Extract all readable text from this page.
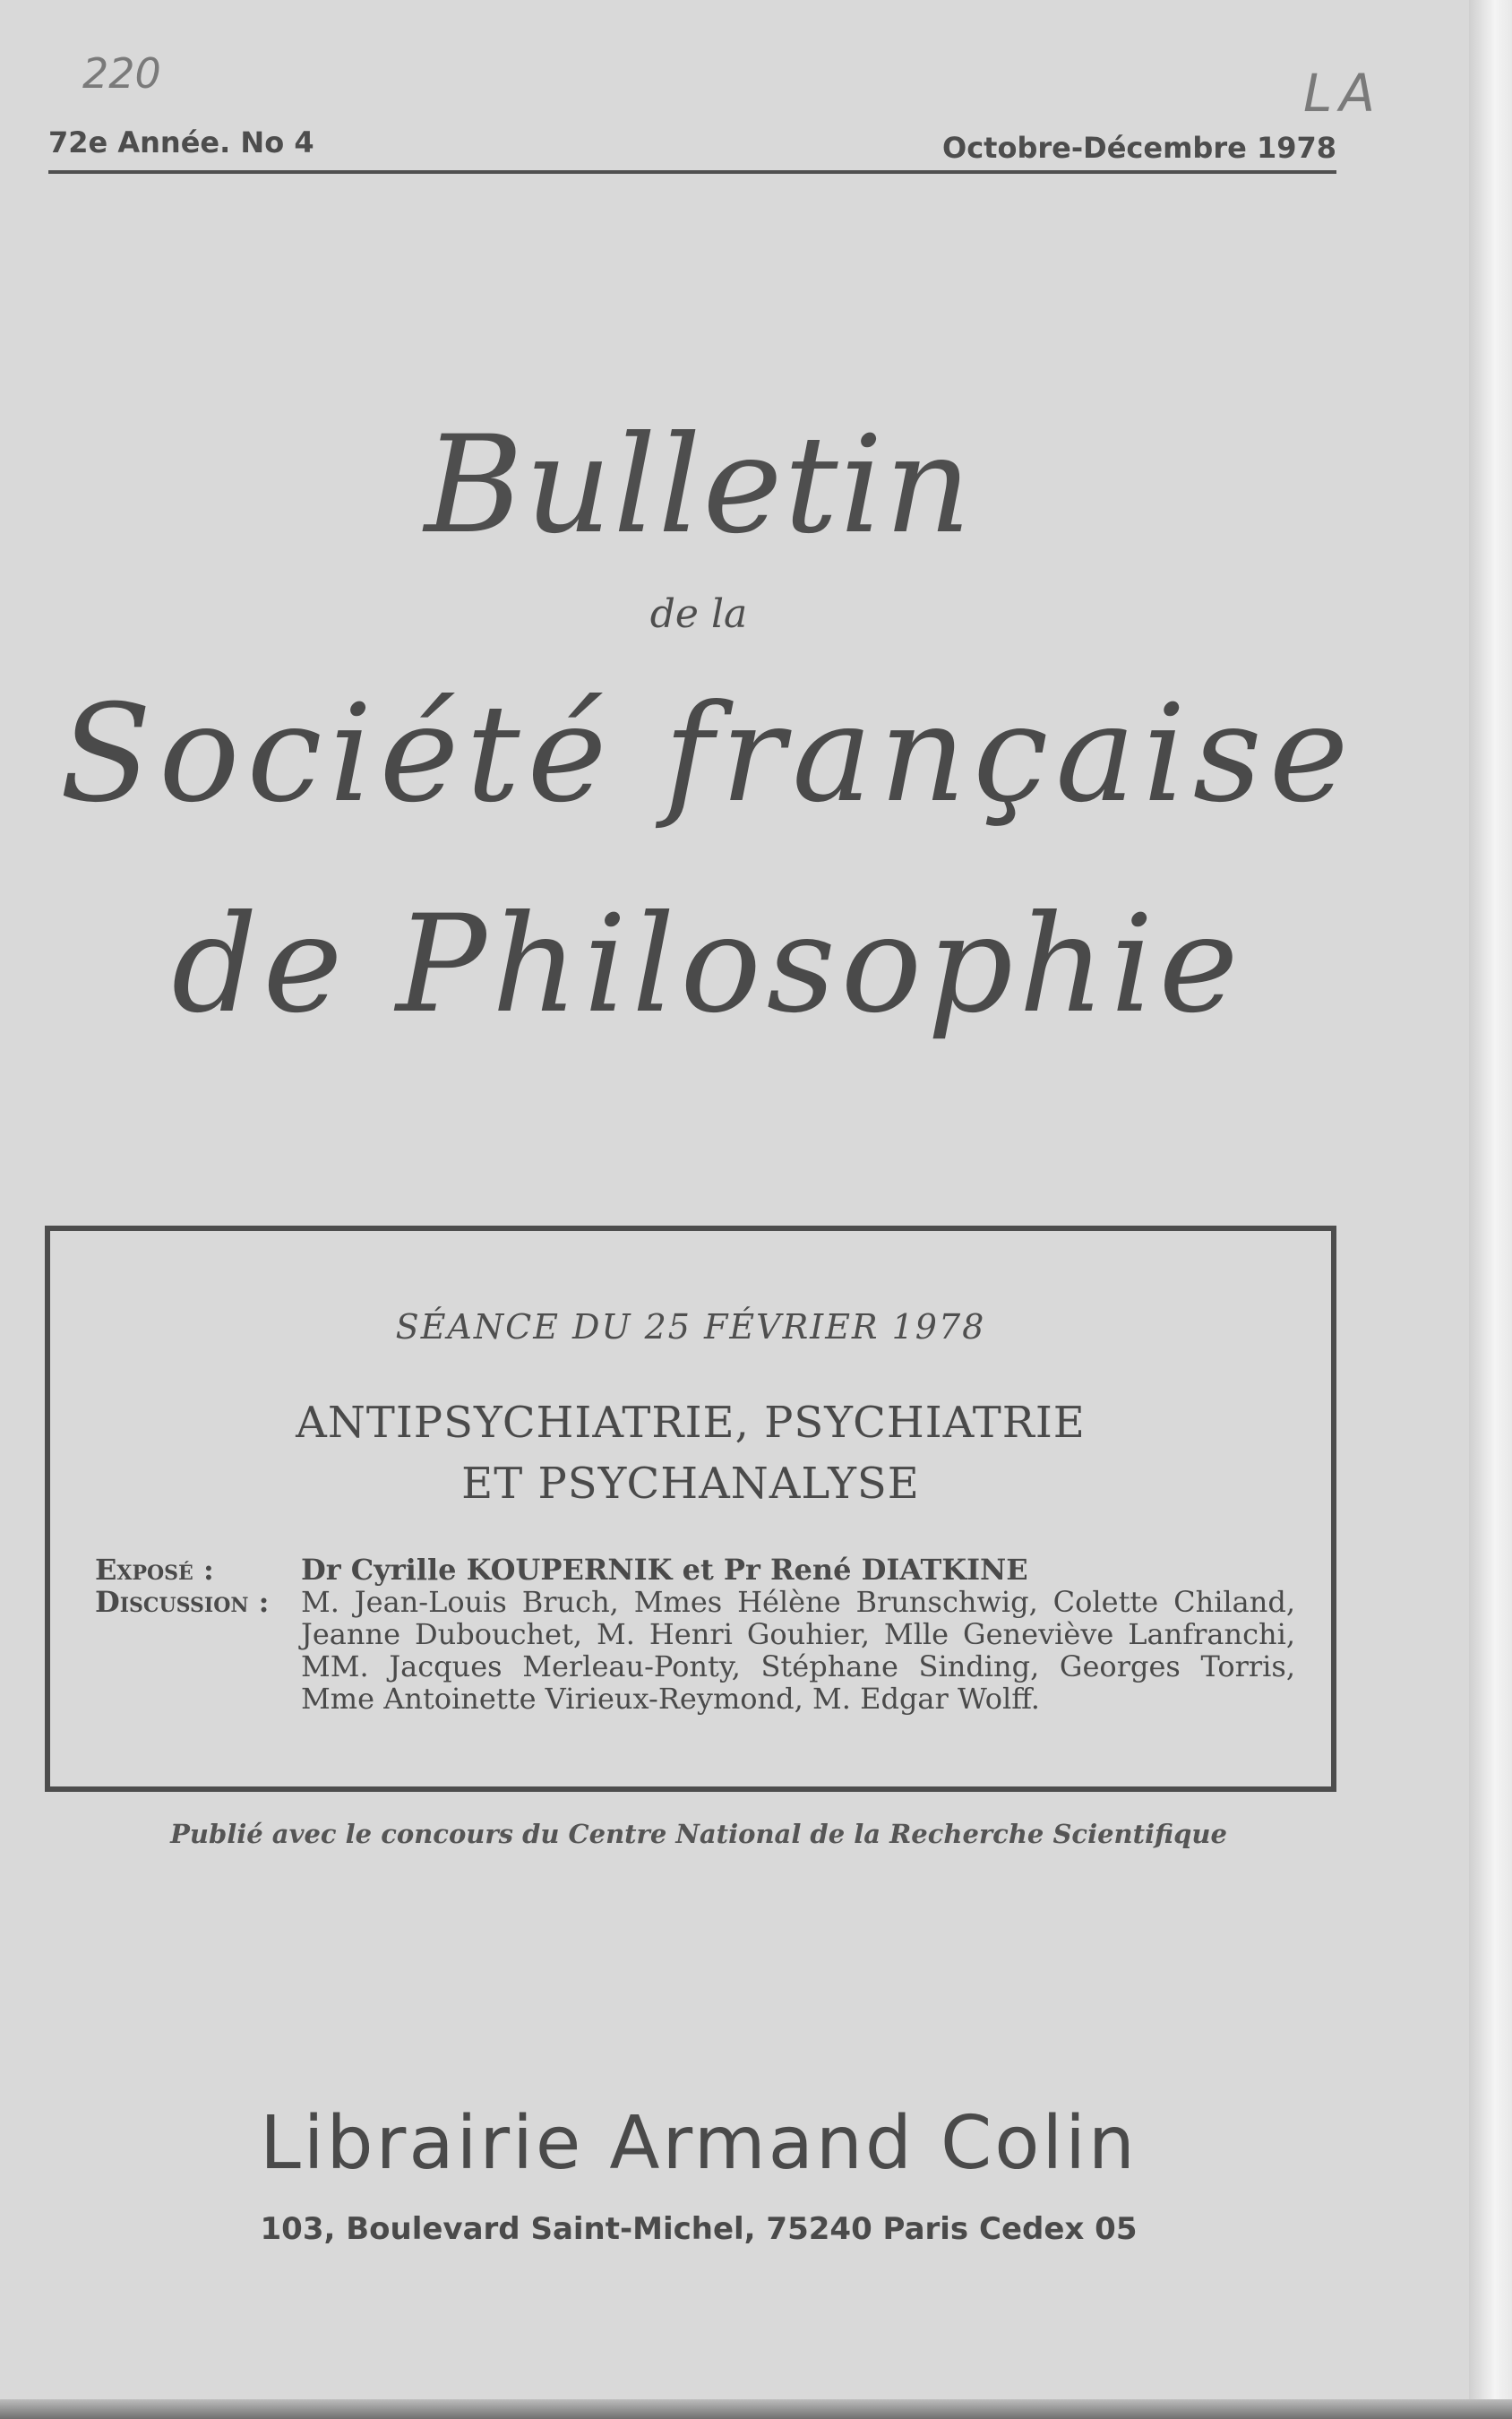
220	LA
72e Année. No 4	Octobre-Décembre 1978
Bulletin
de la
Société française
de Philosophie
SÉANCE DU 25 FÉVRIER 1978
ANTIPSYCHIATRIE, PSYCHIATRIE
ET PSYCHANALYSE
Exposé :	Dr Cyrille KOUPERNIK et Pr René DIATKINE
Discussion :	M. Jean-Louis Bruch, Mmes Hélène Brunschwig, Colette Chiland, Jeanne Dubouchet, M. Henri Gouhier, Mlle Geneviève Lanfranchi, MM. Jacques Merleau-Ponty, Stéphane Sinding, Georges Torris, Mme Antoinette Virieux-Reymond, M. Edgar Wolff.
Publié avec le concours du Centre National de la Recherche Scientifique
Librairie Armand Colin
103, Boulevard Saint-Michel, 75240 Paris Cedex 05
